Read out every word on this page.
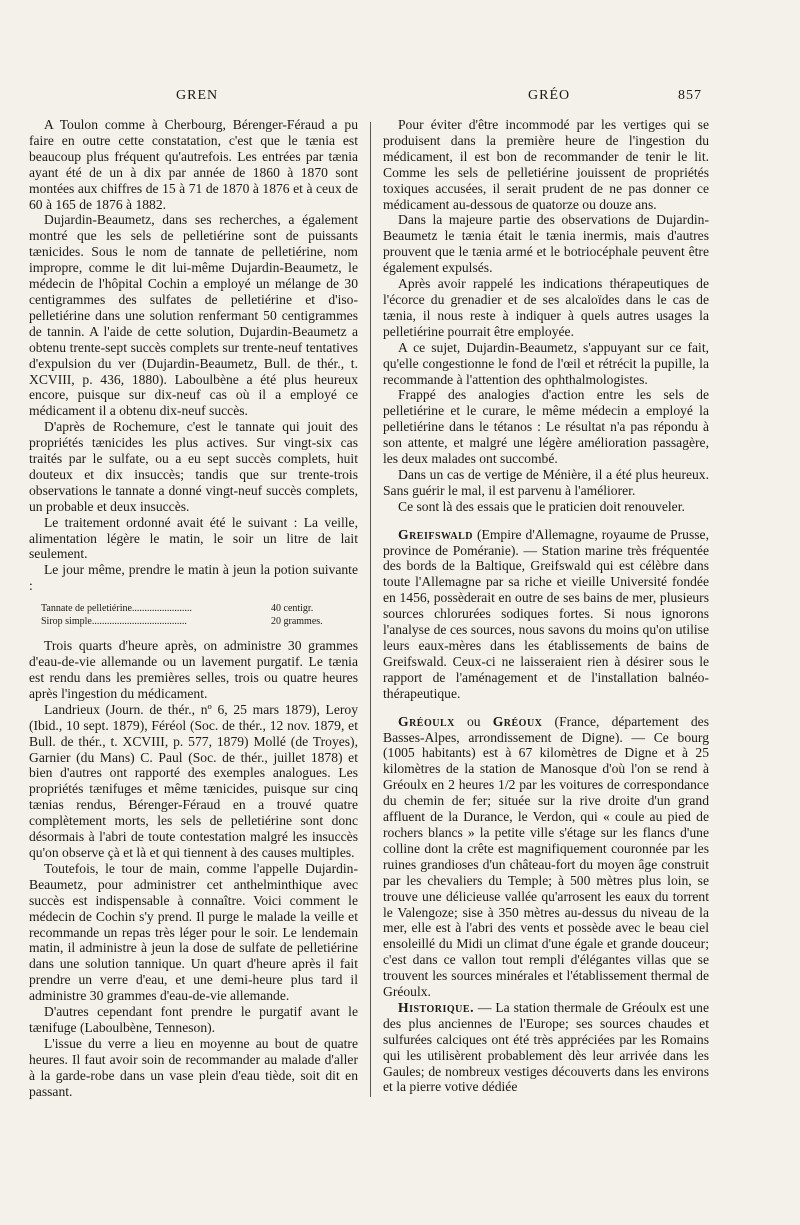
GREN	GRÉO	857

A Toulon comme à Cherbourg, Bérenger-Féraud a pu faire en outre cette constatation, c'est que le tænia est beaucoup plus fréquent qu'autrefois. Les entrées par tænia ayant été de un à dix par année de 1860 à 1870 sont montées aux chiffres de 15 à 71 de 1870 à 1876 et à ceux de 60 à 165 de 1876 à 1882.

Dujardin-Beaumetz, dans ses recherches, a également montré que les sels de pelletiérine sont de puissants tænicides. Sous le nom de tannate de pelletiérine, nom impropre, comme le dit lui-même Dujardin-Beaumetz, le médecin de l'hôpital Cochin a employé un mélange de 30 centigrammes des sulfates de pelletiérine et d'iso-pelletiérine dans une solution renfermant 50 centigrammes de tannin. A l'aide de cette solution, Dujardin-Beaumetz a obtenu trente-sept succès complets sur trente-neuf tentatives d'expulsion du ver (Dujardin-Beaumetz, Bull. de thér., t. XCVIII, p. 436, 1880). Laboulbène a été plus heureux encore, puisque sur dix-neuf cas où il a employé ce médicament il a obtenu dix-neuf succès.

D'après de Rochemure, c'est le tannate qui jouit des propriétés tænicides les plus actives. Sur vingt-six cas traités par le sulfate, ou a eu sept succès complets, huit douteux et dix insuccès; tandis que sur trente-trois observations le tannate a donné vingt-neuf succès complets, un probable et deux insuccès.

Le traitement ordonné avait été le suivant : La veille, alimentation légère le matin, le soir un litre de lait seulement.

Le jour même, prendre le matin à jeun la potion suivante :

Tannate de pelletiérine........................	40 centigr.
Sirop simple......................................	20 grammes.

Trois quarts d'heure après, on administre 30 grammes d'eau-de-vie allemande ou un lavement purgatif. Le tænia est rendu dans les premières selles, trois ou quatre heures après l'ingestion du médicament.

Landrieux (Journ. de thér., nº 6, 25 mars 1879), Leroy (Ibid., 10 sept. 1879), Féréol (Soc. de thér., 12 nov. 1879, et Bull. de thér., t. XCVIII, p. 577, 1879) Mollé (de Troyes), Garnier (du Mans) C. Paul (Soc. de thér., juillet 1878) et bien d'autres ont rapporté des exemples analogues. Les propriétés tænifuges et même tænicides, puisque sur cinq tænias rendus, Bérenger-Féraud en a trouvé quatre complètement morts, les sels de pelletiérine sont donc désormais à l'abri de toute contestation malgré les insuccès qu'on observe çà et là et qui tiennent à des causes multiples.

Toutefois, le tour de main, comme l'appelle Dujardin-Beaumetz, pour administrer cet anthelminthique avec succès est indispensable à connaître. Voici comment le médecin de Cochin s'y prend. Il purge le malade la veille et recommande un repas très léger pour le soir. Le lendemain matin, il administre à jeun la dose de sulfate de pelletiérine dans une solution tannique. Un quart d'heure après il fait prendre un verre d'eau, et une demi-heure plus tard il administre 30 grammes d'eau-de-vie allemande.

D'autres cependant font prendre le purgatif avant le tænifuge (Laboulbène, Tenneson).

L'issue du verre a lieu en moyenne au bout de quatre heures. Il faut avoir soin de recommander au malade d'aller à la garde-robe dans un vase plein d'eau tiède, soit dit en passant.

Pour éviter d'être incommodé par les vertiges qui se produisent dans la première heure de l'ingestion du médicament, il est bon de recommander de tenir le lit. Comme les sels de pelletiérine jouissent de propriétés toxiques accusées, il serait prudent de ne pas donner ce médicament au-dessous de quatorze ou douze ans.

Dans la majeure partie des observations de Dujardin-Beaumetz le tænia était le tænia inermis, mais d'autres prouvent que le tænia armé et le botriocéphale peuvent être également expulsés.

Après avoir rappelé les indications thérapeutiques de l'écorce du grenadier et de ses alcaloïdes dans le cas de tænia, il nous reste à indiquer à quels autres usages la pelletiérine pourrait être employée.

A ce sujet, Dujardin-Beaumetz, s'appuyant sur ce fait, qu'elle congestionne le fond de l'œil et rétrécit la pupille, la recommande à l'attention des ophthalmologistes.

Frappé des analogies d'action entre les sels de pelletiérine et le curare, le même médecin a employé la pelletiérine dans le tétanos : Le résultat n'a pas répondu à son attente, et malgré une légère amélioration passagère, les deux malades ont succombé.

Dans un cas de vertige de Ménière, il a été plus heureux. Sans guérir le mal, il est parvenu à l'améliorer.

Ce sont là des essais que le praticien doit renouveler.

Greifswald (Empire d'Allemagne, royaume de Prusse, province de Poméranie). — Station marine très fréquentée des bords de la Baltique, Greifswald qui est célèbre dans toute l'Allemagne par sa riche et vieille Université fondée en 1456, possèderait en outre de ses bains de mer, plusieurs sources chlorurées sodiques fortes. Si nous ignorons l'analyse de ces sources, nous savons du moins qu'on utilise leurs eaux-mères dans les établissements de bains de Greifswald. Ceux-ci ne laisseraient rien à désirer sous le rapport de l'aménagement et de l'installation balnéo-thérapeutique.

Gréoulx ou Gréoux (France, département des Basses-Alpes, arrondissement de Digne). — Ce bourg (1005 habitants) est à 67 kilomètres de Digne et à 25 kilomètres de la station de Manosque d'où l'on se rend à Gréoulx en 2 heures 1/2 par les voitures de correspondance du chemin de fer; située sur la rive droite d'un grand affluent de la Durance, le Verdon, qui « coule au pied de rochers blancs » la petite ville s'étage sur les flancs d'une colline dont la crête est magnifiquement couronnée par les ruines grandioses d'un château-fort du moyen âge construit par les chevaliers du Temple; à 500 mètres plus loin, se trouve une délicieuse vallée qu'arrosent les eaux du torrent le Valengoze; sise à 350 mètres au-dessus du niveau de la mer, elle est à l'abri des vents et possède avec le beau ciel ensoleillé du Midi un climat d'une égale et grande douceur; c'est dans ce vallon tout rempli d'élégantes villas que se trouvent les sources minérales et l'établissement thermal de Gréoulx.

Historique. — La station thermale de Gréoulx est une des plus anciennes de l'Europe; ses sources chaudes et sulfurées calciques ont été très appréciées par les Romains qui les utilisèrent probablement dès leur arrivée dans les Gaules; de nombreux vestiges découverts dans les environs et la pierre votive dédiée
